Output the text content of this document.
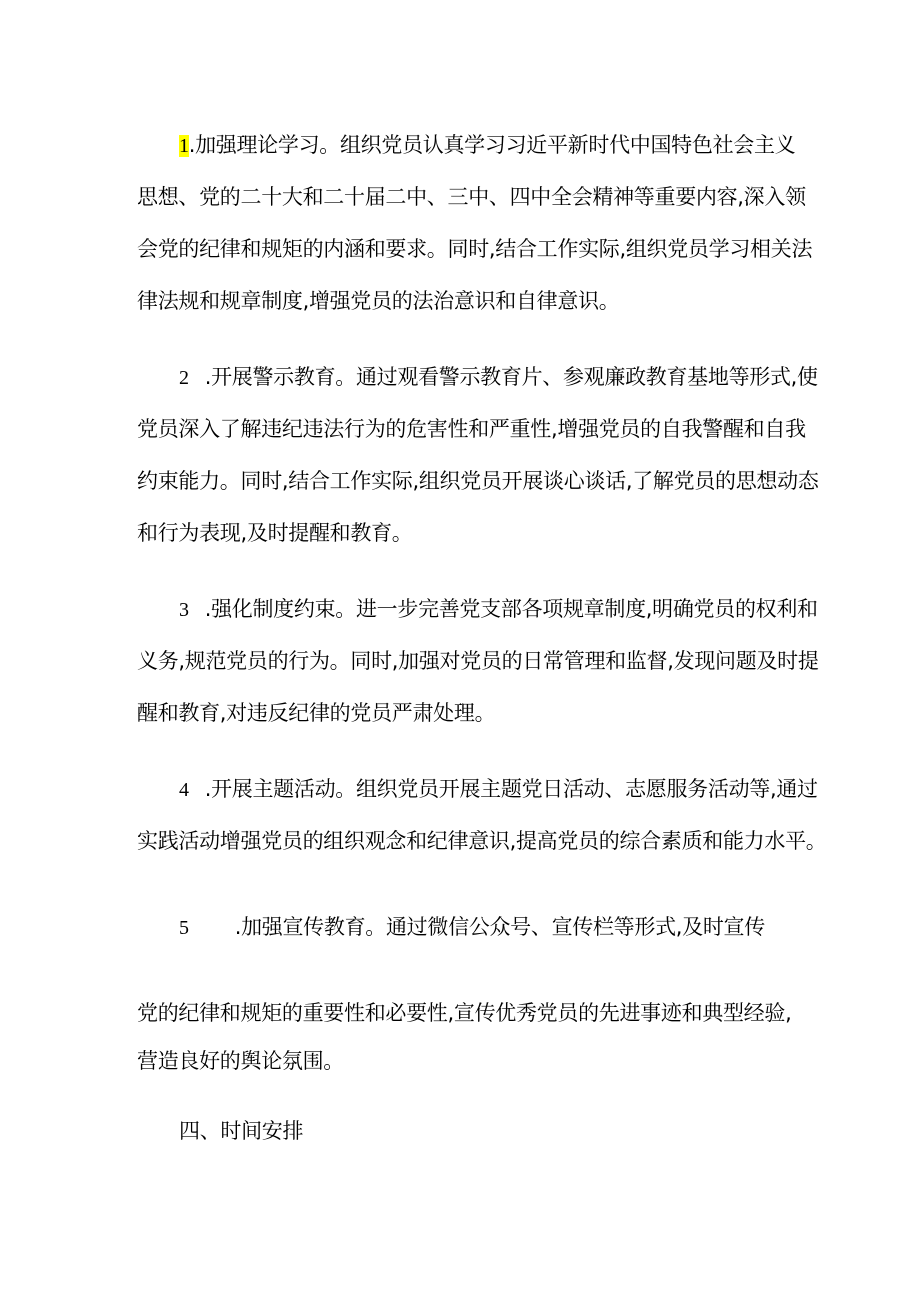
1.加强理论学习。组织党员认真学习习近平新时代中国特色社会主义
思想、党的二十大和二十届二中、三中、四中全会精神等重要内容,深入领
会党的纪律和规矩的内涵和要求。同时,结合工作实际,组织党员学习相关法
律法规和规章制度,增强党员的法治意识和自律意识。
2 .开展警示教育。通过观看警示教育片、参观廉政教育基地等形式,使
党员深入了解违纪违法行为的危害性和严重性,增强党员的自我警醒和自我
约束能力。同时,结合工作实际,组织党员开展谈心谈话,了解党员的思想动态
和行为表现,及时提醒和教育。
3 .强化制度约束。进一步完善党支部各项规章制度,明确党员的权利和
义务,规范党员的行为。同时,加强对党员的日常管理和监督,发现问题及时提
醒和教育,对违反纪律的党员严肃处理。
4 .开展主题活动。组织党员开展主题党日活动、志愿服务活动等,通过
实践活动增强党员的组织观念和纪律意识,提高党员的综合素质和能力水平。
5 .加强宣传教育。通过微信公众号、宣传栏等形式,及时宣传
党的纪律和规矩的重要性和必要性,宣传优秀党员的先进事迹和典型经验,
营造良好的舆论氛围。
四、时间安排
